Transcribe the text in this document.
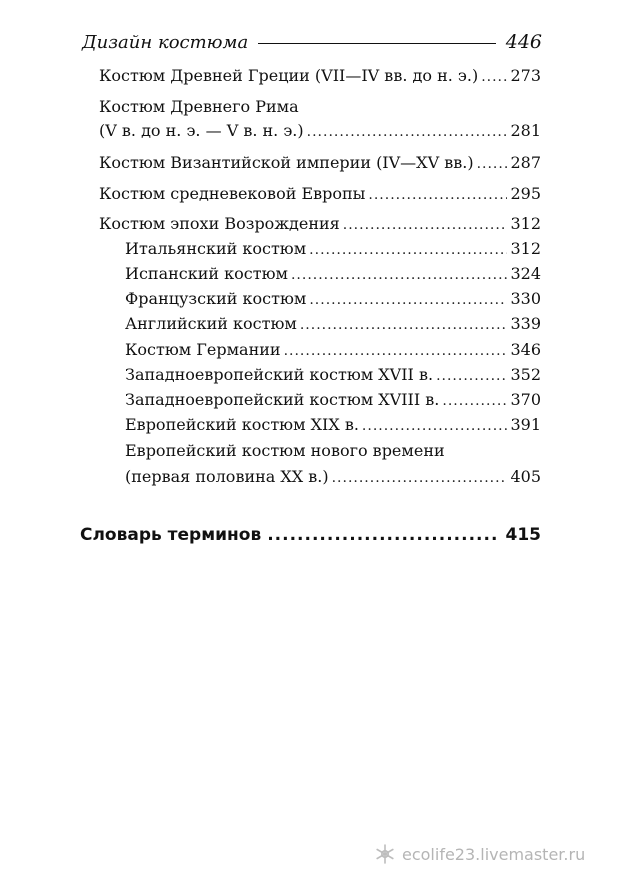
Дизайн костюма	446
Костюм Древней Греции (VII—IV вв. до н. э.) ..... 273
Костюм Древнего Рима
(V в. до н. э. — V в. н. э.) .....	281
Костюм Византийской империи (IV—XV вв.) ..... 287
Костюм средневековой Европы .....	295
Костюм эпохи Возрождения .....	312
Итальянский костюм .....	312
Испанский костюм .....	324
Французский костюм .....	330
Английский костюм .....	339
Костюм Германии .....	346
Западноевропейский костюм XVII в. .....	352
Западноевропейский костюм XVIII в. .....	370
Европейский костюм XIX в. .....	391
Европейский костюм нового времени
(первая половина XX в.) .....	405
Словарь терминов .....	415
ecolife23.livemaster.ru
